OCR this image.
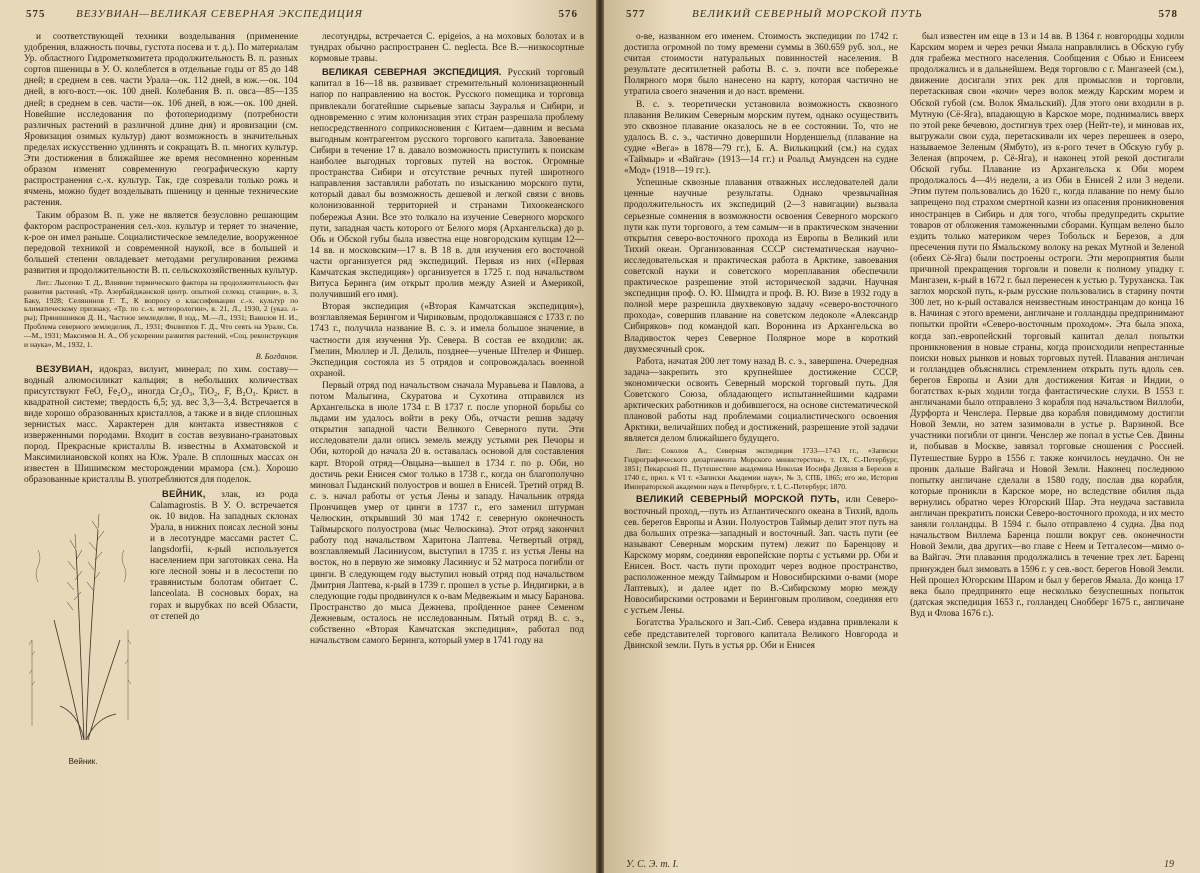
575	ВЕЗУВИАН—ВЕЛИКАЯ СЕВЕРНАЯ ЭКСПЕДИЦИЯ	576

и соответствующей техники возделывания (применение удобрения, влажность почвы, густота посева и т. д.). По материалам Ур. областного Гидрометкомитета продолжительность В. п. разных сортов пшеницы в У. О. колеблется в отдельные годы от 85 до 148 дней; в среднем в сев. части Урала—ок. 112 дней, в юж.—ок. 104 дней, в юго-вост.—ок. 100 дней. Колебания В. п. овса—85—135 дней; в среднем в сев. части—ок. 106 дней, в юж.—ок. 100 дней. Новейшие исследования по фотопериодизму (потребности различных растений в различной длине дня) и яровизации (см. Яровизация озимых культур) дают возможность в значительных пределах искусственно удлинять и сокращать В. п. многих культур. Эти достижения в ближайшее же время несомненно коренным образом изменят современную географическую карту распространения с.-х. культур. Так, где созревали только рожь и ячмень, можно будет возделывать пшеницу и ценные технические растения.

Таким образом В. п. уже не является безусловно решающим фактором распространения сел.-хоз. культур и теряет то значение, к-рое он имел раньше. Социалистическое земледелие, вооруженное передовой техникой и современной наукой, все в большей и большей степени овладевает методами регулирования режима развития и продолжительности В. п. сельскохозяйственных культур.

Лит.: Лысенко Т. Д., Влияние термического фактора на продолжительность фаз развития растений, «Тр. Азербайджанской центр. опытной селекц. станции», в. 3, Баку, 1928; Селянинов Г. Т., К вопросу о классификации с.-х. культур по климатическому признаку, «Тр. по с.-х. метеорологии», в. 21, Л., 1930, 2 (указ. л-ры); Прянишников Д. Н., Частное земледелие, 8 изд., М.—Л., 1931; Вавилов Н. И., Проблема северного земледелия, Л., 1931; Филиппов Г. Д., Что сеять на Урале, Св.—М., 1931; Максимов Н. А., Об ускорении развития растений, «Соц. реконструкция и наука», М., 1932, 1.

В. Богданов.

ВЕЗУВИАН, идокраз, вилуит, минерал; по хим. составу—водный алюмосиликат кальция; в небольших количествах присутствуют FeO, Fe₂O₃, иногда Cr₂O₃, TiO₂, F, B₂O₃. Крист. в квадратной системе; твердость 6,5; уд. вес 3,3—3,4. Встречается в виде хорошо образованных кристаллов, а также и в виде сплошных зернистых масс. Характерен для контакта известняков с изверженными породами. Входит в состав везувиано-гранатовых пород. Прекрасные кристаллы В. известны в Ахматовской и Максимилиановской копях на Юж. Урале. В сплошных массах он известен в Шишимском месторождении мрамора (см.). Хорошо образованные кристаллы В. употребляются для поделок.

Вейник.

ВЕЙНИК, злак, из рода Calamagrostis. В У. О. встречается ок. 10 видов. На западных склонах Урала, в нижних поясах лесной зоны и в лесотундре массами растет C. langsdorfii, к-рый используется населением при заготовках сена. На юге лесной зоны и в лесостепи по травянистым болотам обитает C. lanceolata. В сосновых борах, на горах и вырубках по всей Области, от степей до

лесотундры, встречается C. epigeios, а на моховых болотах и в тундрах обычно распространен C. neglecta. Все В.—низкосортные кормовые травы.

ВЕЛИКАЯ СЕВЕРНАЯ ЭКСПЕДИЦИЯ. Русский торговый капитал в 16—18 вв. развивает стремительный колонизационный напор по направлению на восток. Русского помещика и торговца привлекали богатейшие сырьевые запасы Зауралья и Сибири, и одновременно с этим колонизация этих стран разрешала проблему непосредственного соприкосновения с Китаем—давним и весьма выгодным контрагентом русского торгового капитала. Завоевание Сибири в течение 17 в. давало возможность приступить к поискам наиболее выгодных торговых путей на восток. Огромные пространства Сибири и отсутствие речных путей широтного направления заставляли работать по изысканию морского пути, который давал бы возможность дешевой и легкой связи с вновь колонизованной территорией и странами Тихоокеанского побережья Азии. Все это толкало на изучение Северного морского пути, западная часть которого от Белого моря (Архангельска) до р. Обь и Обской губы была известна еще новгородским купцам 12—14 вв. и московским—17 в. В 18 в. для изучения его восточной части организуется ряд экспедиций. Первая из них («Первая Камчатская экспедиция») организуется в 1725 г. под начальством Витуса Беринга (им открыт пролив между Азией и Америкой, получивший его имя).

Вторая экспедиция («Вторая Камчатская экспедиция»), возглавляемая Берингом и Чириковым, продолжавшаяся с 1733 г. по 1743 г., получила название В. с. э. и имела большое значение, в частности для изучения Ур. Севера. В состав ее входили: ак. Гмелин, Мюллер и Л. Делиль, позднее—ученые Штелер и Фишер. Экспедиция состояла из 5 отрядов и сопровождалась военной охраной.

Первый отряд под начальством сначала Муравьева и Павлова, а потом Малыгина, Скуратова и Сухотина отправился из Архангельска в июле 1734 г. В 1737 г. после упорной борьбы со льдами им удалось войти в реку Обь, отчасти решив задачу открытия западной части Великого Северного пути. Эти исследователи дали опись земель между устьями рек Печоры и Оби, которой до начала 20 в. оставалась основой для составления карт. Второй отряд—Овцына—вышел в 1734 г. по р. Оби, но достичь реки Енисея смог только в 1738 г., когда он благополучно миновал Гыданский полуостров и вошел в Енисей. Третий отряд В. с. э. начал работы от устья Лены и западу. Начальник отряда Прончищев умер от цинги в 1737 г., его заменил штурман Челюскин, открывший 30 мая 1742 г. северную оконечность Таймырского полуострова (мыс Челюскина). Этот отряд закончил работу под начальством Харитона Лаптева. Четвертый отряд, возглавляемый Ласиниусом, выступил в 1735 г. из устья Лены на восток, но в первую же зимовку Ласиниус и 52 матроса погибли от цинги. В следующем году выступил новый отряд под начальством Дмитрия Лаптева, к-рый в 1739 г. прошел в устье р. Индигирки, а в следующие годы продвинулся к о-вам Медвежьим и мысу Баранова. Пространство до мыса Дежнева, пройденное ранее Семеном Дежневым, осталось не исследованным. Пятый отряд В. с. э., собственно «Вторая Камчатская экспедиция», работал под начальством самого Беринга, который умер в 1741 году на

577	ВЕЛИКИЙ СЕВЕРНЫЙ МОРСКОЙ ПУТЬ	578

о-ве, названном его именем. Стоимость экспедиции по 1742 г. достигла огромной по тому времени суммы в 360.659 руб. зол., не считая стоимости натуральных повинностей населения. В результате десятилетней работы В. с. э. почти все побережье Полярного моря было нанесено на карту, которая частично не утратила своего значения и до наст. времени.

В. с. э. теоретически установила возможность сквозного плавания Великим Северным морским путем, однако осуществить это сквозное плавание оказалось не в ее состоянии. То, что не удалось В. с. э., частично довершили Норденшельд (плавание на судне «Вега» в 1878—79 гг.), Б. А. Вилькицкий (см.) на судах «Таймыр» и «Вайгач» (1913—14 гг.) и Роальд Амундсен на судне «Мод» (1918—19 гг.).

Успешные сквозные плавания отважных исследователей дали ценные научные результаты. Однако чрезвычайная продолжительность их экспедиций (2—3 навигации) вызвала серьезные сомнения в возможности освоения Северного морского пути как пути торгового, а тем самым—и в практическом значении открытия северо-восточного прохода из Европы в Великий или Тихий океан. Организованная СССР систематическая научно-исследовательская и практическая работа в Арктике, завоевания советской науки и советского мореплавания обеспечили практическое разрешение этой исторической задачи. Научная экспедиция проф. О. Ю. Шмидта и проф. В. Ю. Визе в 1932 году в полной мере разрешила двухвековую задачу «северо-восточного прохода», совершив плавание на советском ледоколе «Александр Сибиряков» под командой кап. Воронина из Архангельска во Владивосток через Северное Полярное море в короткий двухмесячный срок.

Работа, начатая 200 лет тому назад В. с. э., завершена. Очередная задача—закрепить это крупнейшее достижение СССР, экономически освоить Северный морской торговый путь. Для Советского Союза, обладающего испытаннейшими кадрами арктических работников и добившегося, на основе систематической плановой работы над проблемами социалистического освоения Арктики, величайших побед и достижений, разрешение этой задачи является делом ближайшего будущего.

Лит.: Соколов А., Северная экспедиция 1733—1743 гг., «Записки Гидрографического департамента Морского министерства», т. IX, С.-Петербург, 1851; Пекарский П., Путешествие академика Николая Иосифа Делиля в Березов в 1740 г., прил. к VI т. «Записки Академии наук», № 3, СПБ, 1865; его же, История Императорской академии наук в Петербурге, т. I, С.-Петербург, 1870.

ВЕЛИКИЙ СЕВЕРНЫЙ МОРСКОЙ ПУТЬ, или Северо-восточный проход,—путь из Атлантического океана в Тихий, вдоль сев. берегов Европы и Азии. Полуостров Таймыр делит этот путь на два больших отрезка—западный и восточный. Зап. часть пути (ее называют Северным морским путем) лежит по Баренцову и Карскому морям, соединяя европейские порты с устьями рр. Оби и Енисея. Вост. часть пути проходит через водное пространство, расположенное между Таймыром и Новосибирскими о-вами (море Лаптевых), и далее идет по В.-Сибирскому морю между Новосибирскими островами и Беринговым проливом, соединяя его с устьем Лены.

Богатства Уральского и Зап.-Сиб. Севера издавна привлекали к себе представителей торгового капитала Великого Новгорода и Двинской земли. Путь в устья рр. Оби и Енисея

был известен им еще в 13 и 14 вв. В 1364 г. новгородцы ходили Карским морем и через речки Ямала направлялись в Обскую губу для грабежа местного населения. Сообщения с Обью и Енисеем продолжались и в дальнейшем. Ведя торговлю с г. Мангазеей (см.), движение досигали этих рек для промыслов и торговли, перетаскивая свои «кочи» через волок между Карским морем и Обской губой (см. Волок Ямальский). Для этого они входили в р. Мутную (Сё-Яга), впадающую в Карское море, поднимались вверх по этой реке бечевою, достигнув трех озер (Нейт-те), и миновав их, выгружали свои суда, перетаскивали их через перешеек в озеро, называемое Зеленым (Ямбуто), из к-рого течет в Обскую губу р. Зеленая (впрочем, р. Сё-Яга), и наконец этой рекой достигали Обской губы. Плавание из Архангельска к Оби морем продолжалось 4—4½ недели, а из Оби в Енисей 2 или 3 недели. Этим путем пользовались до 1620 г., когда плавание по нему было запрещено под страхом смертной казни из опасения проникновения иностранцев в Сибирь и для того, чтобы предупредить скрытие товаров от обложения таможенными сборами. Купцам велено было ездить только материком через Тобольск и Березов, а для пресечения пути по Ямальскому волоку на реках Мутной и Зеленой (обеих Сё-Яга) были построены остроги. Эти мероприятия были причиной прекращения торговли и повели к полному упадку г. Мангазеи, к-рый в 1672 г. был перенесен к устью р. Туруханска. Так заглох морской путь, к-рым русские пользовались в старину почти 300 лет, но к-рый оставался неизвестным иностранцам до конца 16 в. Начиная с этого времени, англичане и голландцы предпринимают попытки пройти «Северо-восточным проходом». Эта была эпоха, когда зап.-европейский торговый капитал делал попытки проникновения в новые страны, когда происходили непрестанные поиски новых рынков и новых торговых путей. Плавания англичан и голландцев объяснялись стремлением открыть путь вдоль сев. берегов Европы и Азии для достижения Китая и Индии, о богатствах к-рых ходили тогда фантастические слухи. В 1553 г. англичанами было отправлено 3 корабля под начальством Виллоби, Дурфорта и Ченслера. Первые два корабля повидимому достигли Новой Земли, но затем зазимовали в устье р. Варзиной. Все участники погибли от цинги. Ченслер же попал в устье Сев. Двины и, побывав в Москве, завязал торговые сношения с Россией. Путешествие Бурро в 1556 г. также кончилось неудачно. Он не проник дальше Вайгача и Новой Земли. Наконец последнюю попытку англичане сделали в 1580 году, послав два корабля, которые проникли в Карское море, но вследствие обилия льда вернулись обратно через Югорский Шар. Эта неудача заставила англичан прекратить поиски Северо-восточного прохода, и их место заняли голландцы. В 1594 г. было отправлено 4 судна. Два под начальством Виллема Баренца пошли вокруг сев. оконечности Новой Земли, два других—во главе с Неем и Тетгалесом—мимо о-ва Вайгач. Эти плавания продолжались в течение трех лет. Баренц принужден был зимовать в 1596 г. у сев.-вост. берегов Новой Земли. Ней прошел Югорским Шаром и был у берегов Ямала. До конца 17 века было предпринято еще несколько безуспешных попыток (датская экспедиция 1653 г., голландец Снобберг 1675 г., англичане Вуд и Флова 1676 г.).

У. С. Э. т. I.	19
